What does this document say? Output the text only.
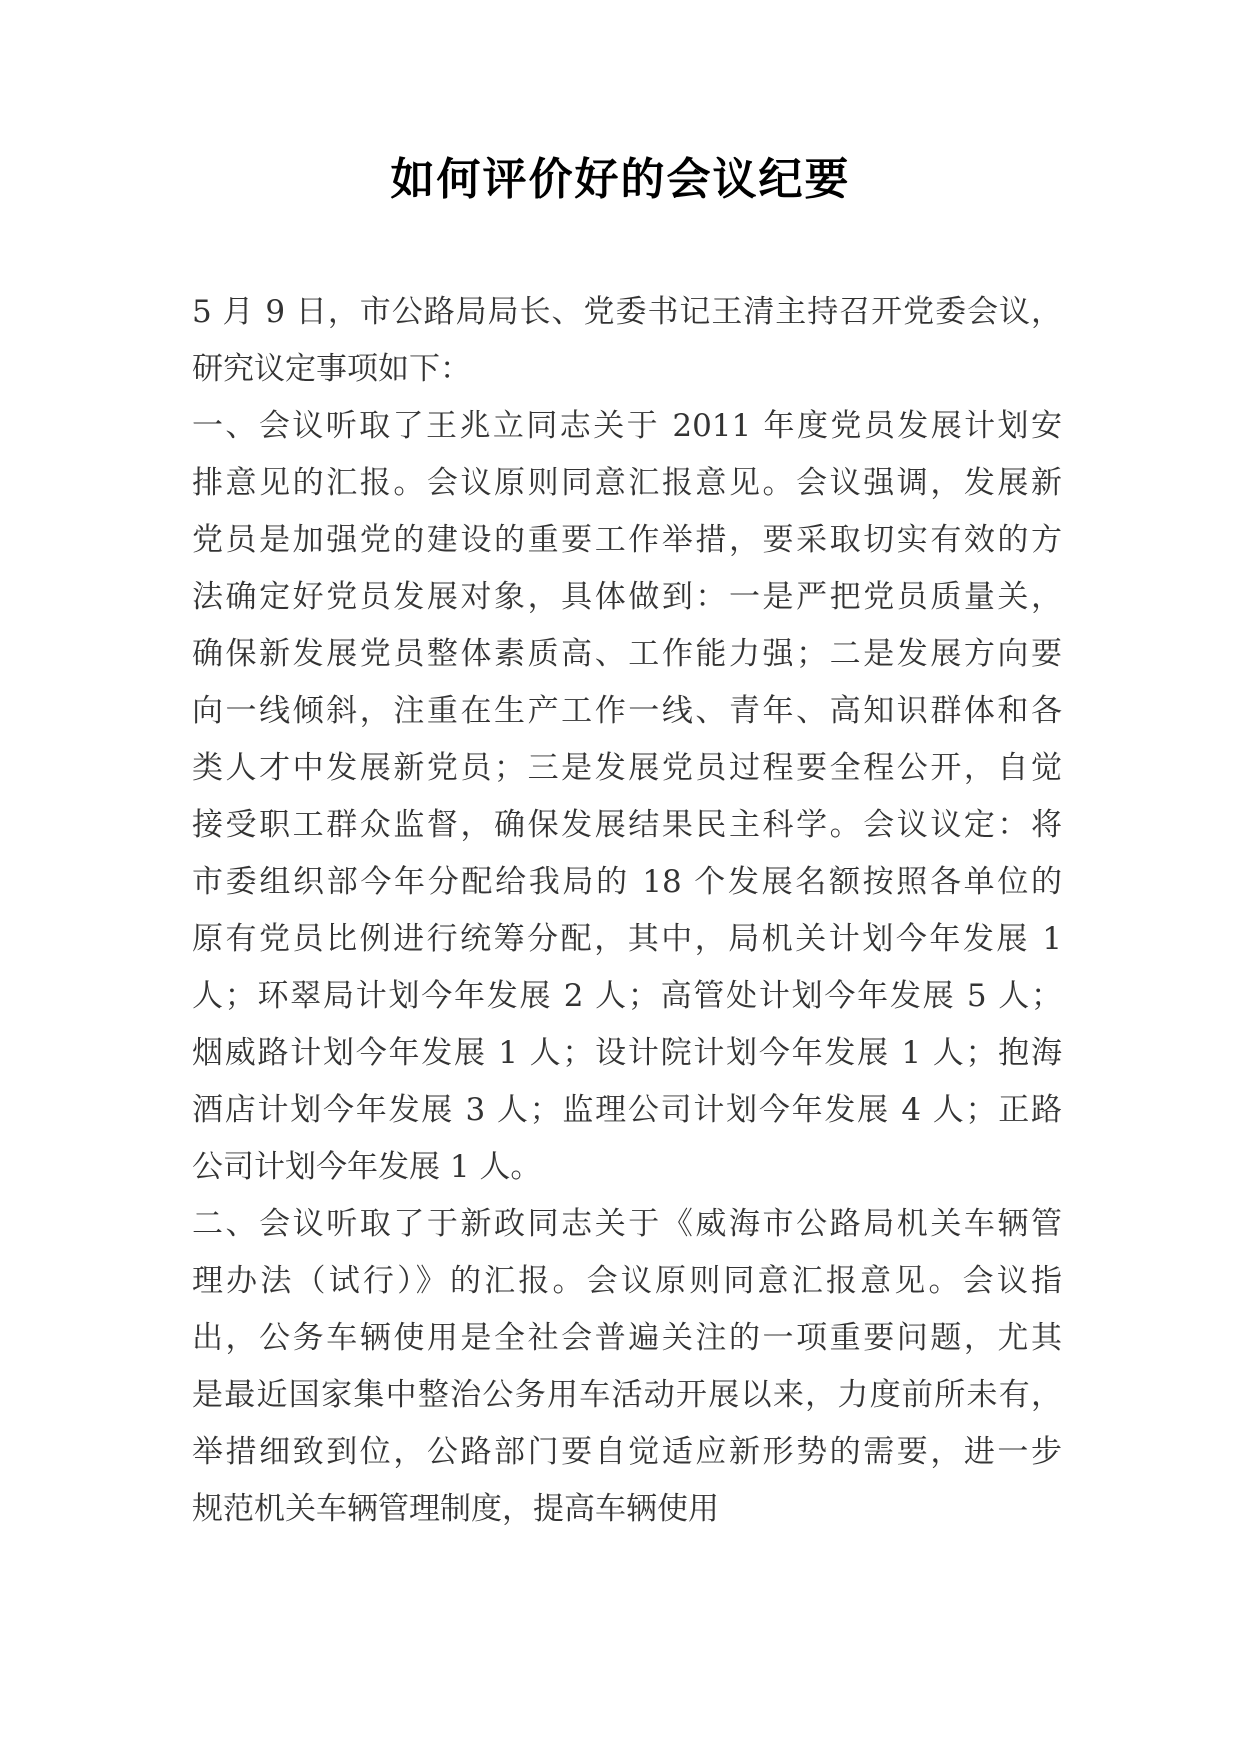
如何评价好的会议纪要
5 月 9 日，市公路局局长、党委书记王清主持召开党委会议，
研究议定事项如下：
一、会议听取了王兆立同志关于 2011 年度党员发展计划安
排意见的汇报。会议原则同意汇报意见。会议强调，发展新
党员是加强党的建设的重要工作举措，要采取切实有效的方
法确定好党员发展对象，具体做到：一是严把党员质量关，
确保新发展党员整体素质高、工作能力强；二是发展方向要
向一线倾斜，注重在生产工作一线、青年、高知识群体和各
类人才中发展新党员；三是发展党员过程要全程公开，自觉
接受职工群众监督，确保发展结果民主科学。会议议定：将
市委组织部今年分配给我局的 18 个发展名额按照各单位的
原有党员比例进行统筹分配，其中，局机关计划今年发展 1
人；环翠局计划今年发展 2 人；高管处计划今年发展 5 人；
烟威路计划今年发展 1 人；设计院计划今年发展 1 人；抱海
酒店计划今年发展 3 人；监理公司计划今年发展 4 人；正路
公司计划今年发展 1 人。
二、会议听取了于新政同志关于《威海市公路局机关车辆管
理办法（试行）》的汇报。会议原则同意汇报意见。会议指
出，公务车辆使用是全社会普遍关注的一项重要问题，尤其
是最近国家集中整治公务用车活动开展以来，力度前所未有，
举措细致到位，公路部门要自觉适应新形势的需要，进一步
规范机关车辆管理制度，提高车辆使用
